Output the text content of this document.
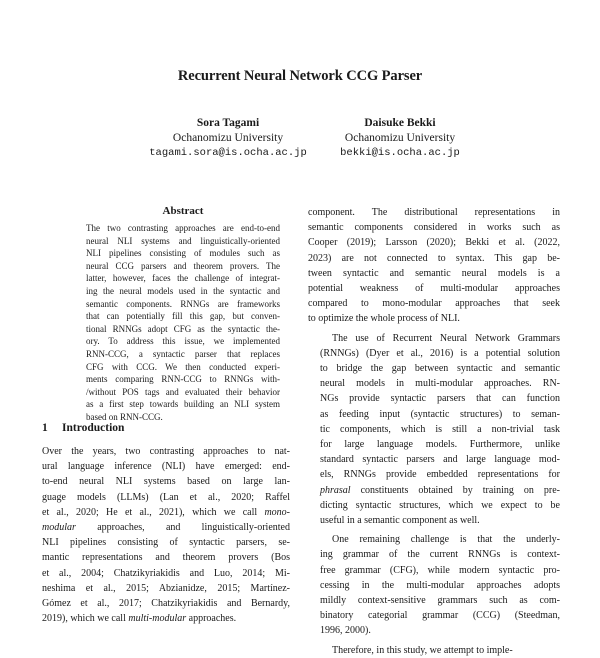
Recurrent Neural Network CCG Parser
Sora Tagami
Ochanomizu University
tagami.sora@is.ocha.ac.jp
Daisuke Bekki
Ochanomizu University
bekki@is.ocha.ac.jp
Abstract
The two contrasting approaches are end-to-end
neural NLI systems and linguistically-oriented
NLI pipelines consisting of modules such as
neural CCG parsers and theorem provers. The
latter, however, faces the challenge of integrat-
ing the neural models used in the syntactic and
semantic components. RNNGs are frameworks
that can potentially fill this gap, but conven-
tional RNNGs adopt CFG as the syntactic the-
ory. To address this issue, we implemented
RNN-CCG, a syntactic parser that replaces
CFG with CCG. We then conducted experi-
ments comparing RNN-CCG to RNNGs with-
/without POS tags and evaluated their behavior
as a first step towards building an NLI system
based on RNN-CCG.
1 Introduction
Over the years, two contrasting approaches to nat-
ural language inference (NLI) have emerged: end-
to-end neural NLI systems based on large lan-
guage models (LLMs) (Lan et al., 2020; Raffel
et al., 2020; He et al., 2021), which we call mono-
modular approaches, and linguistically-oriented
NLI pipelines consisting of syntactic parsers, se-
mantic representations and theorem provers (Bos
et al., 2004; Chatzikyriakidis and Luo, 2014; Mi-
neshima et al., 2015; Abzianidze, 2015; Martínez-
Gómez et al., 2017; Chatzikyriakidis and Bernardy,
2019), which we call multi-modular approaches.

component. The distributional representations in
semantic components considered in works such as
Cooper (2019); Larsson (2020); Bekki et al. (2022,
2023) are not connected to syntax. This gap be-
tween syntactic and semantic neural models is a
potential weakness of multi-modular approaches
compared to mono-modular approaches that seek
to optimize the whole process of NLI.

The use of Recurrent Neural Network Grammars
(RNNGs) (Dyer et al., 2016) is a potential solution
to bridge the gap between syntactic and semantic
neural models in multi-modular approaches. RN-
NGs provide syntactic parsers that can function
as feeding input (syntactic structures) to seman-
tic components, which is still a non-trivial task
for large language models. Furthermore, unlike
standard syntactic parsers and large language mod-
els, RNNGs provide embedded representations for
phrasal constituents obtained by training on pre-
dicting syntactic structures, which we expect to be
useful in a semantic component as well.

One remaining challenge is that the underly-
ing grammar of the current RNNGs is context-
free grammar (CFG), while modern syntactic pro-
cessing in the multi-modular approaches adopts
mildly context-sensitive grammars such as com-
binatory categorial grammar (CCG) (Steedman,
1996, 2000).

Therefore, in this study, we attempt to imple-
